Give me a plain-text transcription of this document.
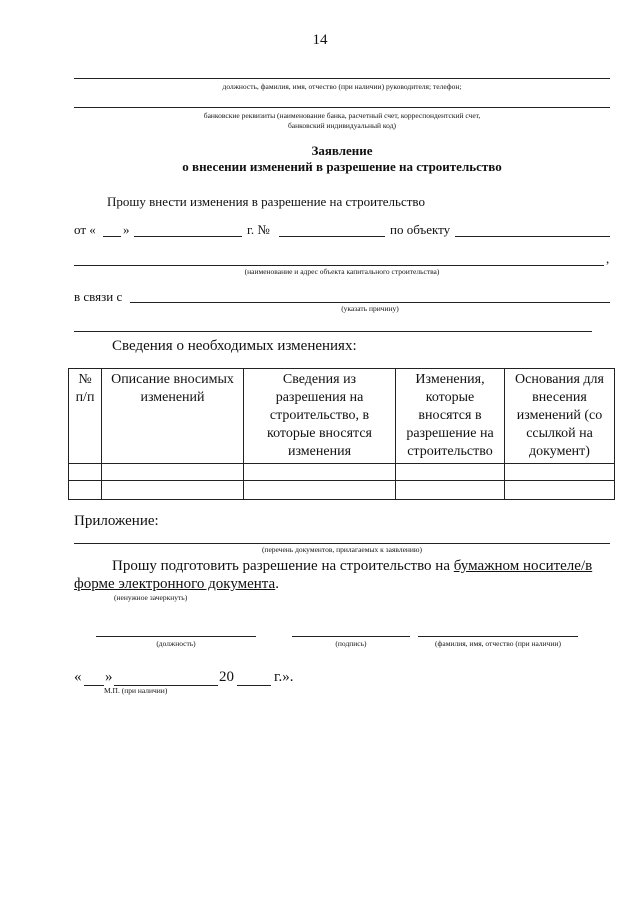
14
должность, фамилия, имя, отчество (при наличии) руководителя; телефон;
банковские реквизиты (наименование банка, расчетный счет, корреспондентский счет,
банковский индивидуальный код)
Заявление
о внесении изменений в разрешение на строительство
Прошу внести изменения в разрешение на строительство
от « »	г. №	по объекту
,
(наименование и адрес объекта капитального строительства)
в связи с
(указать причину)
Сведения о необходимых изменениях:
№ п/п	Описание вносимых изменений	Сведения из разрешения на строительство, в которые вносятся изменения	Изменения, которые вносятся в разрешение на строительство	Основания для внесения изменений (со ссылкой на документ)

Приложение:
(перечень документов, прилагаемых к заявлению)
Прошу подготовить разрешение на строительство на бумажном носителе/в
форме электронного документа.
(ненужное зачеркнуть)
(должность)	(подпись)	(фамилия, имя, отчество (при наличии)
« »	20	г.».
М.П. (при наличии)
